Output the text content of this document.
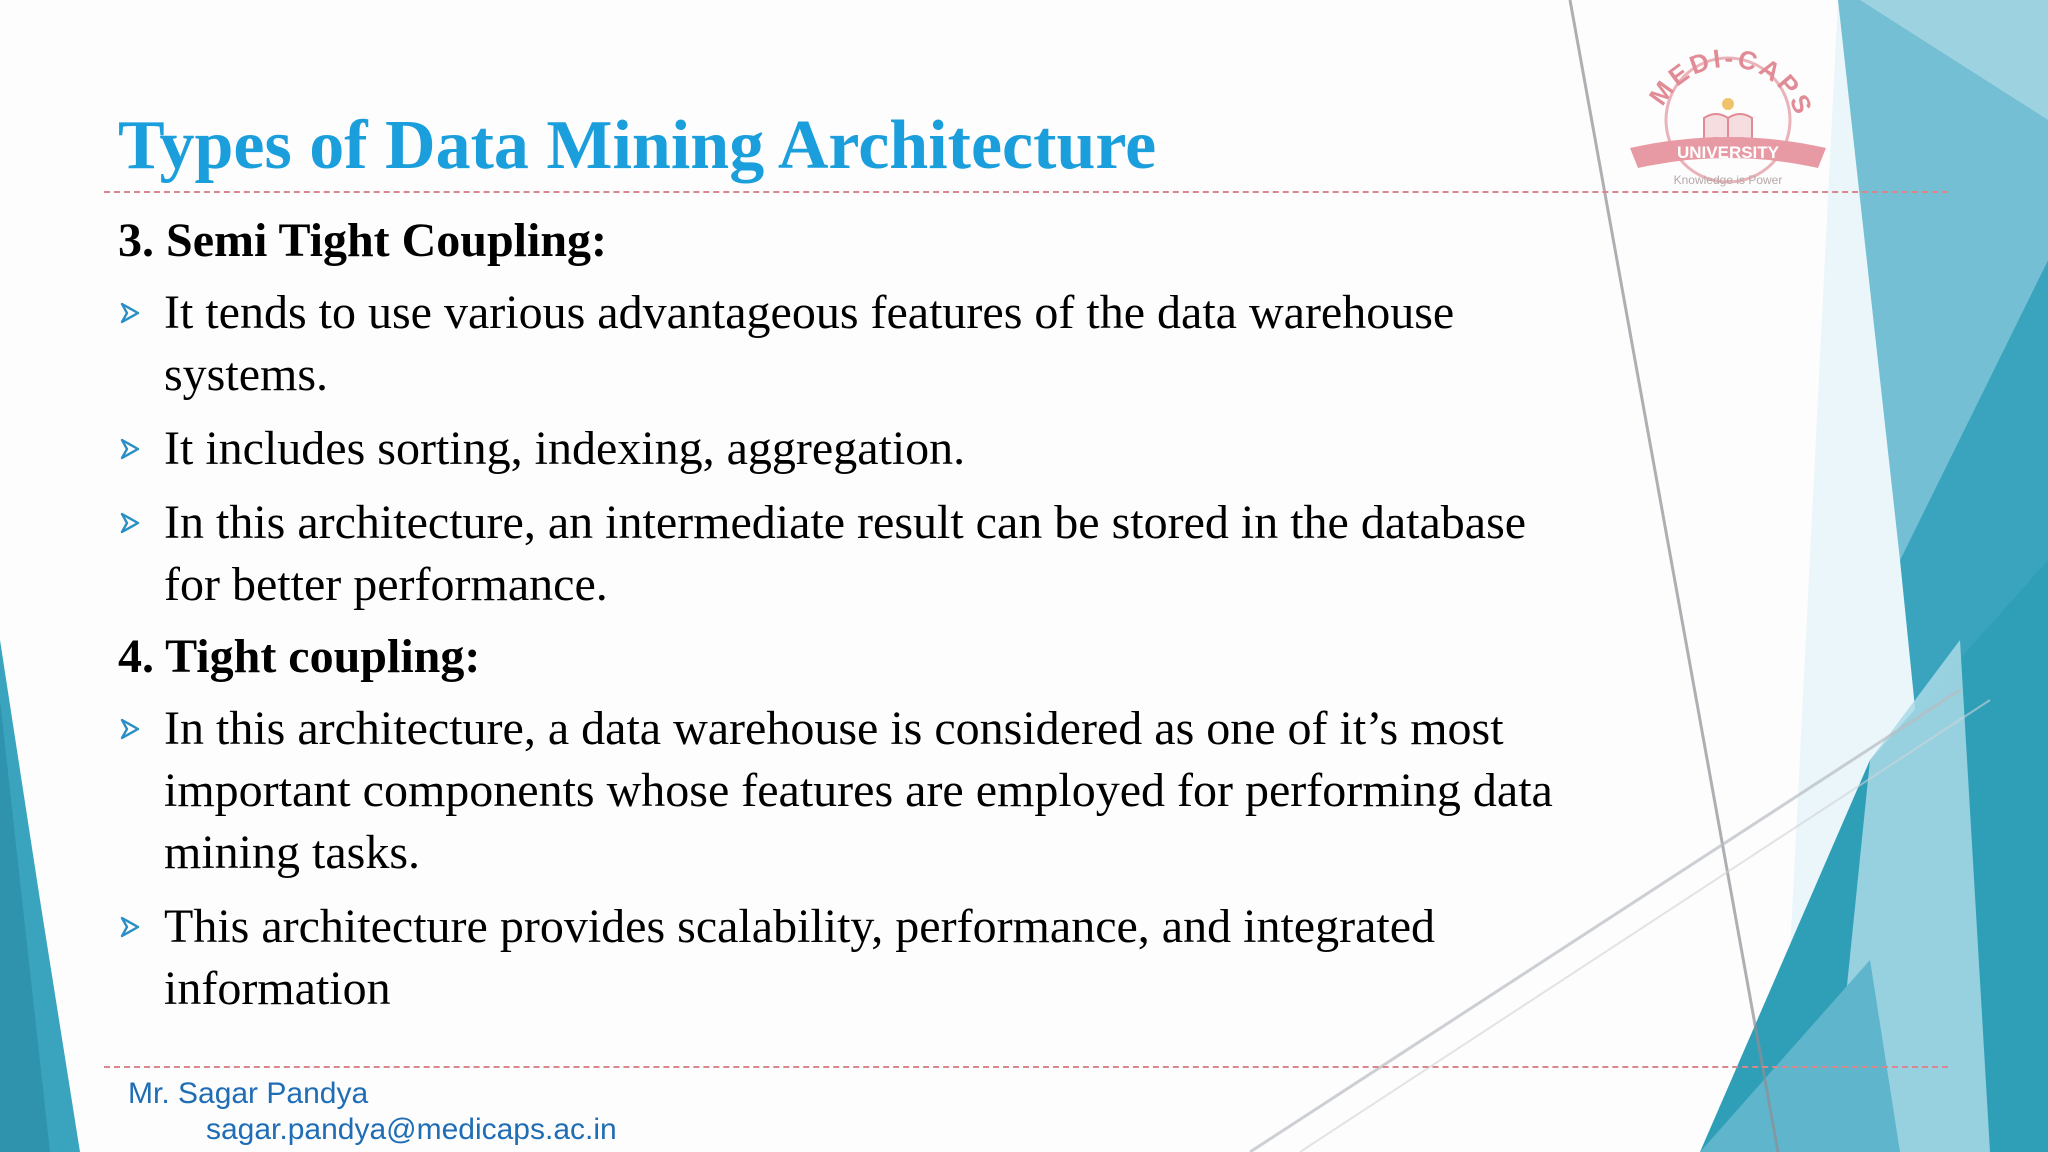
MEDI-CAPS
UNIVERSITY
Knowledge is Power
Types of Data Mining Architecture
3. Semi Tight Coupling:
It tends to use various advantageous features of the data warehouse systems.
It includes sorting, indexing, aggregation.
In this architecture, an intermediate result can be stored in the database for better performance.
4. Tight coupling:
In this architecture, a data warehouse is considered as one of it’s most important components whose features are employed for performing data mining tasks.
This architecture provides scalability, performance, and integrated information

Mr. Sagar Pandya

sagar.pandya@medicaps.ac.in
